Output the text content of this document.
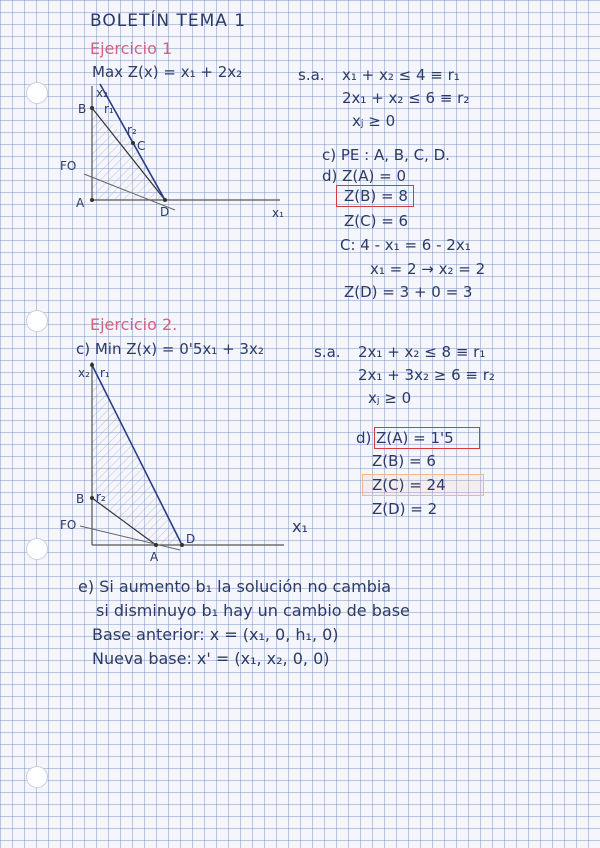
BOLETÍN TEMA 1
Ejercicio 1
Max Z(x) = x₁ + 2x₂	s.a. x₁ + x₂ ≤ 4 ≡ r₁
2x₁ + x₂ ≤ 6 ≡ r₂
xⱼ ≥ 0
c) PE : A, B, C, D.
d) Z(A) = 0
Z(B) = 8
Z(C) = 6
C: 4 - x₁ = 6 - 2x₁
x₁ = 2 → x₂ = 2
Z(D) = 3 + 0 = 3
x₂
B r₁
r₂
C
FO
A
D	x₁
Ejercicio 2.
c) Min Z(x) = 0'5x₁ + 3x₂	s.a. 2x₁ + x₂ ≤ 8 ≡ r₁
2x₁ + 3x₂ ≥ 6 ≡ r₂
xⱼ ≥ 0
d) Z(A) = 1'5
Z(B) = 6
Z(C) = 24
Z(D) = 2
x₂ r₁
B r₂
FO
D
A
x₁
e) Si aumento b₁ la solución no cambia
si disminuyo b₁ hay un cambio de base
Base anterior: x = (x₁, 0, h₁, 0)
Nueva base: x' = (x₁, x₂, 0, 0)
